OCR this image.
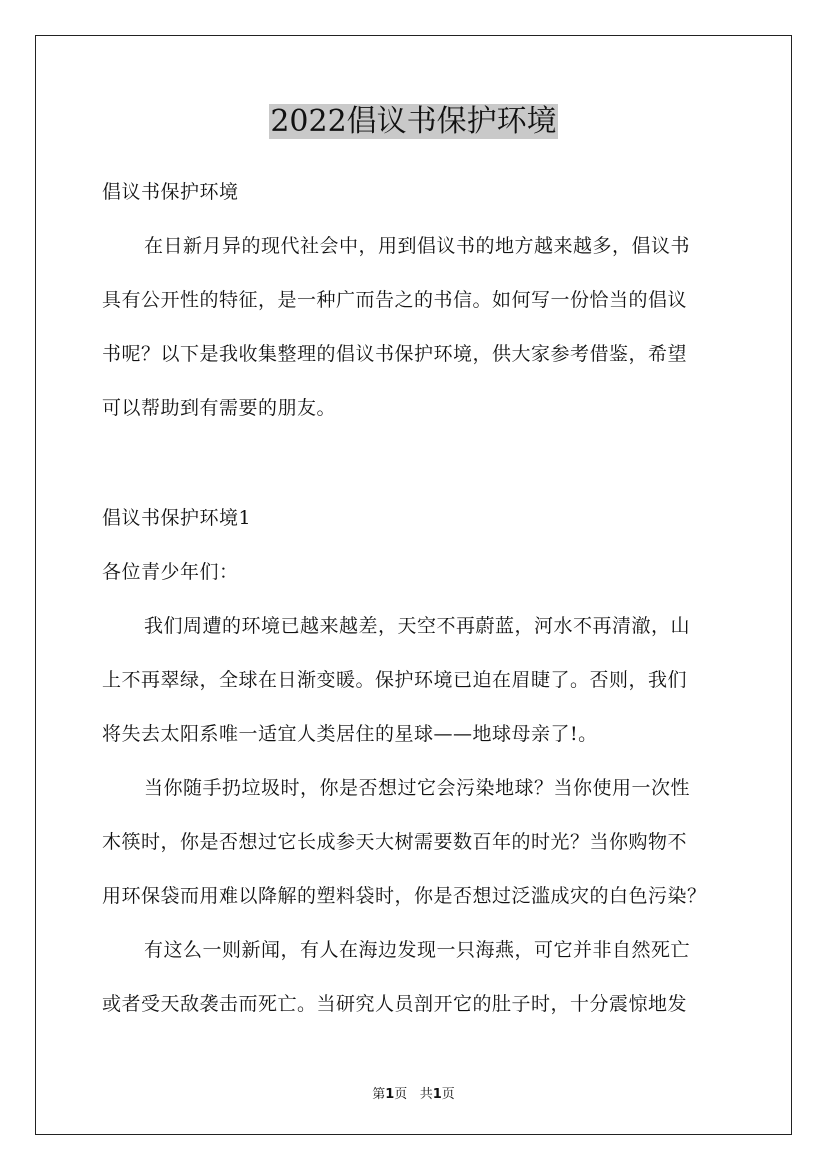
2022倡议书保护环境

倡议书保护环境

在日新月异的现代社会中，用到倡议书的地方越来越多，倡议书
具有公开性的特征，是一种广而告之的书信。如何写一份恰当的倡议
书呢？以下是我收集整理的倡议书保护环境，供大家参考借鉴，希望
可以帮助到有需要的朋友。

倡议书保护环境1

各位青少年们：

我们周遭的环境已越来越差，天空不再蔚蓝，河水不再清澈，山
上不再翠绿，全球在日渐变暖。保护环境已迫在眉睫了。否则，我们
将失去太阳系唯一适宜人类居住的星球——地球母亲了!。

当你随手扔垃圾时，你是否想过它会污染地球？当你使用一次性
木筷时，你是否想过它长成参天大树需要数百年的时光？当你购物不
用环保袋而用难以降解的塑料袋时，你是否想过泛滥成灾的白色污染？

有这么一则新闻，有人在海边发现一只海燕，可它并非自然死亡
或者受天敌袭击而死亡。当研究人员剖开它的肚子时，十分震惊地发

第1页 共1页
